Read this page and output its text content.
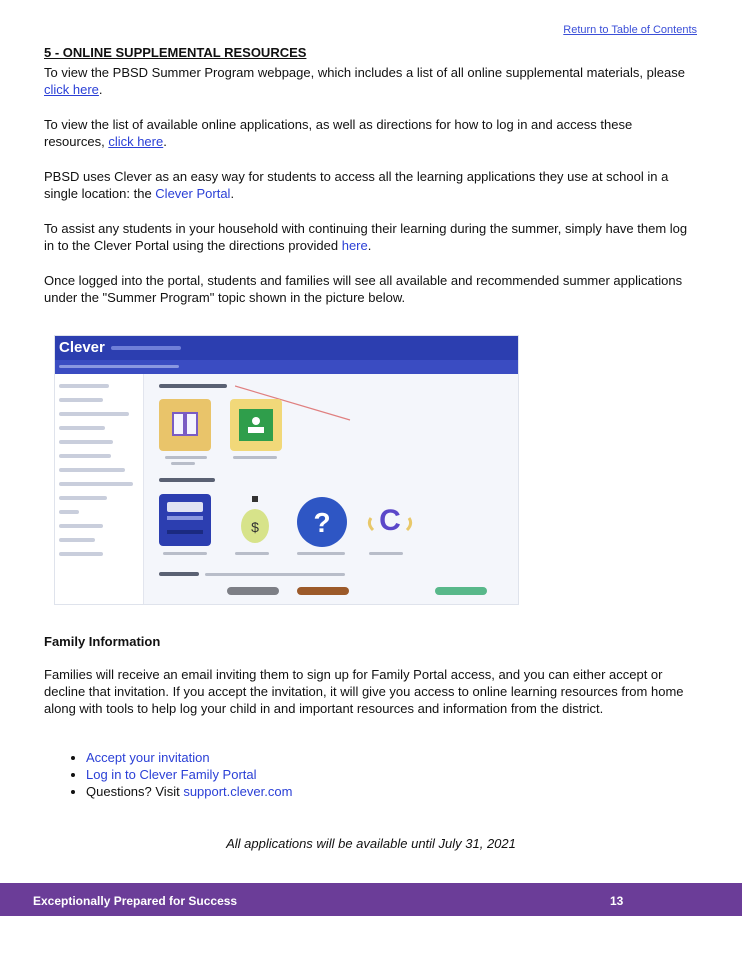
Return to Table of Contents
5 - ONLINE SUPPLEMENTAL RESOURCES

To view the PBSD Summer Program webpage, which includes a list of all online supplemental materials, please click here.

To view the list of available online applications, as well as directions for how to log in and access these resources, click here.

PBSD uses Clever as an easy way for students to access all the learning applications they use at school in a single location: the Clever Portal.

To assist any students in your household with continuing their learning during the summer, simply have them log in to the Clever Portal using the directions provided here.

Once logged into the portal, students and families will see all available and recommended summer applications under the "Summer Program" topic shown in the picture below.

Clever
$ ? C
Family Information
Families will receive an email inviting them to sign up for Family Portal access, and you can either accept or decline that invitation. If you accept the invitation, it will give you access to online learning resources from home along with tools to help log your child in and important resources and information from the district.
• Accept your invitation
• Log in to Clever Family Portal
• Questions? Visit support.clever.com
All applications will be available until July 31, 2021
Exceptionally Prepared for Success	13
